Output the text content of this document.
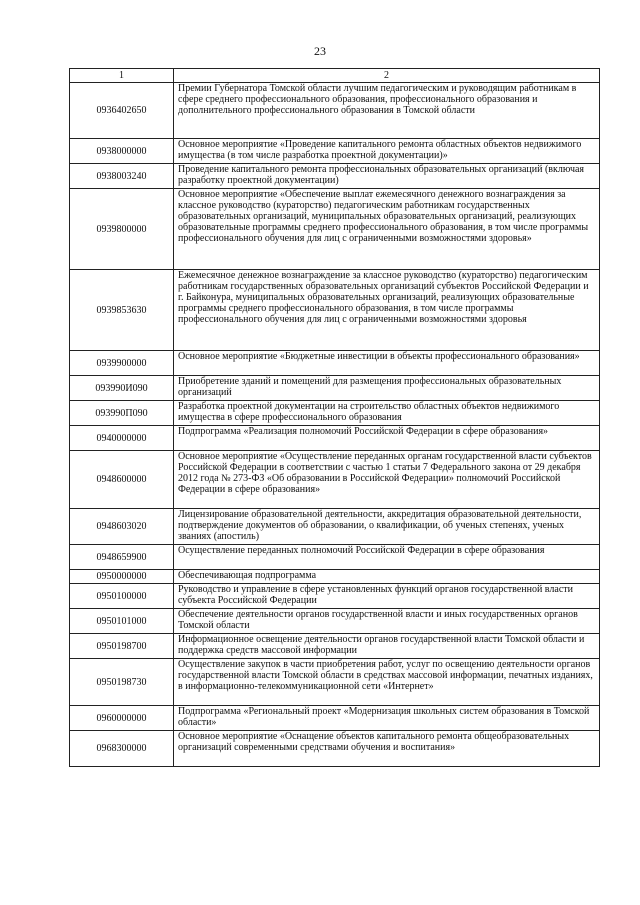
23
1	2
0936402650	Премии Губернатора Томской области лучшим педагогическим и руководящим работникам в сфере среднего профессионального образования, профессионального образования и дополнительного профессионального образования в Томской области
0938000000	Основное мероприятие «Проведение капитального ремонта областных объектов недвижимого имущества (в том числе разработка проектной документации)»
0938003240	Проведение капитального ремонта профессиональных образовательных организаций (включая разработку проектной документации)
0939800000	Основное мероприятие «Обеспечение выплат ежемесячного денежного вознаграждения за классное руководство (кураторство) педагогическим работникам государственных образовательных организаций, муниципальных образовательных организаций, реализующих образовательные программы среднего профессионального образования, в том числе программы профессионального обучения для лиц с ограниченными возможностями здоровья»
0939853630	Ежемесячное денежное вознаграждение за классное руководство (кураторство) педагогическим работникам государственных образовательных организаций субъектов Российской Федерации и г. Байконура, муниципальных образовательных организаций, реализующих образовательные программы среднего профессионального образования, в том числе программы профессионального обучения для лиц с ограниченными возможностями здоровья
0939900000	Основное мероприятие «Бюджетные инвестиции в объекты профессионального образования»
093990И090	Приобретение зданий и помещений для размещения профессиональных образовательных организаций
093990П090	Разработка проектной документации на строительство областных объектов недвижимого имущества в сфере профессионального образования
0940000000	Подпрограмма «Реализация полномочий Российской Федерации в сфере образования»
0948600000	Основное мероприятие «Осуществление переданных органам государственной власти субъектов Российской Федерации в соответствии с частью 1 статьи 7 Федерального закона от 29 декабря 2012 года № 273-ФЗ «Об образовании в Российской Федерации» полномочий Российской Федерации в сфере образования»
0948603020	Лицензирование образовательной деятельности, аккредитация образовательной деятельности, подтверждение документов об образовании, о квалификации, об ученых степенях, ученых званиях (апостиль)
0948659900	Осуществление переданных полномочий Российской Федерации в сфере образования
0950000000	Обеспечивающая подпрограмма
0950100000	Руководство и управление в сфере установленных функций органов государственной власти субъекта Российской Федерации
0950101000	Обеспечение деятельности органов государственной власти и иных государственных органов Томской области
0950198700	Информационное освещение деятельности органов государственной власти Томской области и поддержка средств массовой информации
0950198730	Осуществление закупок в части приобретения работ, услуг по освещению деятельности органов государственной власти Томской области в средствах массовой информации, печатных изданиях, в информационно-телекоммуникационной сети «Интернет»
0960000000	Подпрограмма «Региональный проект «Модернизация школьных систем образования в Томской области»
0968300000	Основное мероприятие «Оснащение объектов капитального ремонта общеобразовательных организаций современными средствами обучения и воспитания»
